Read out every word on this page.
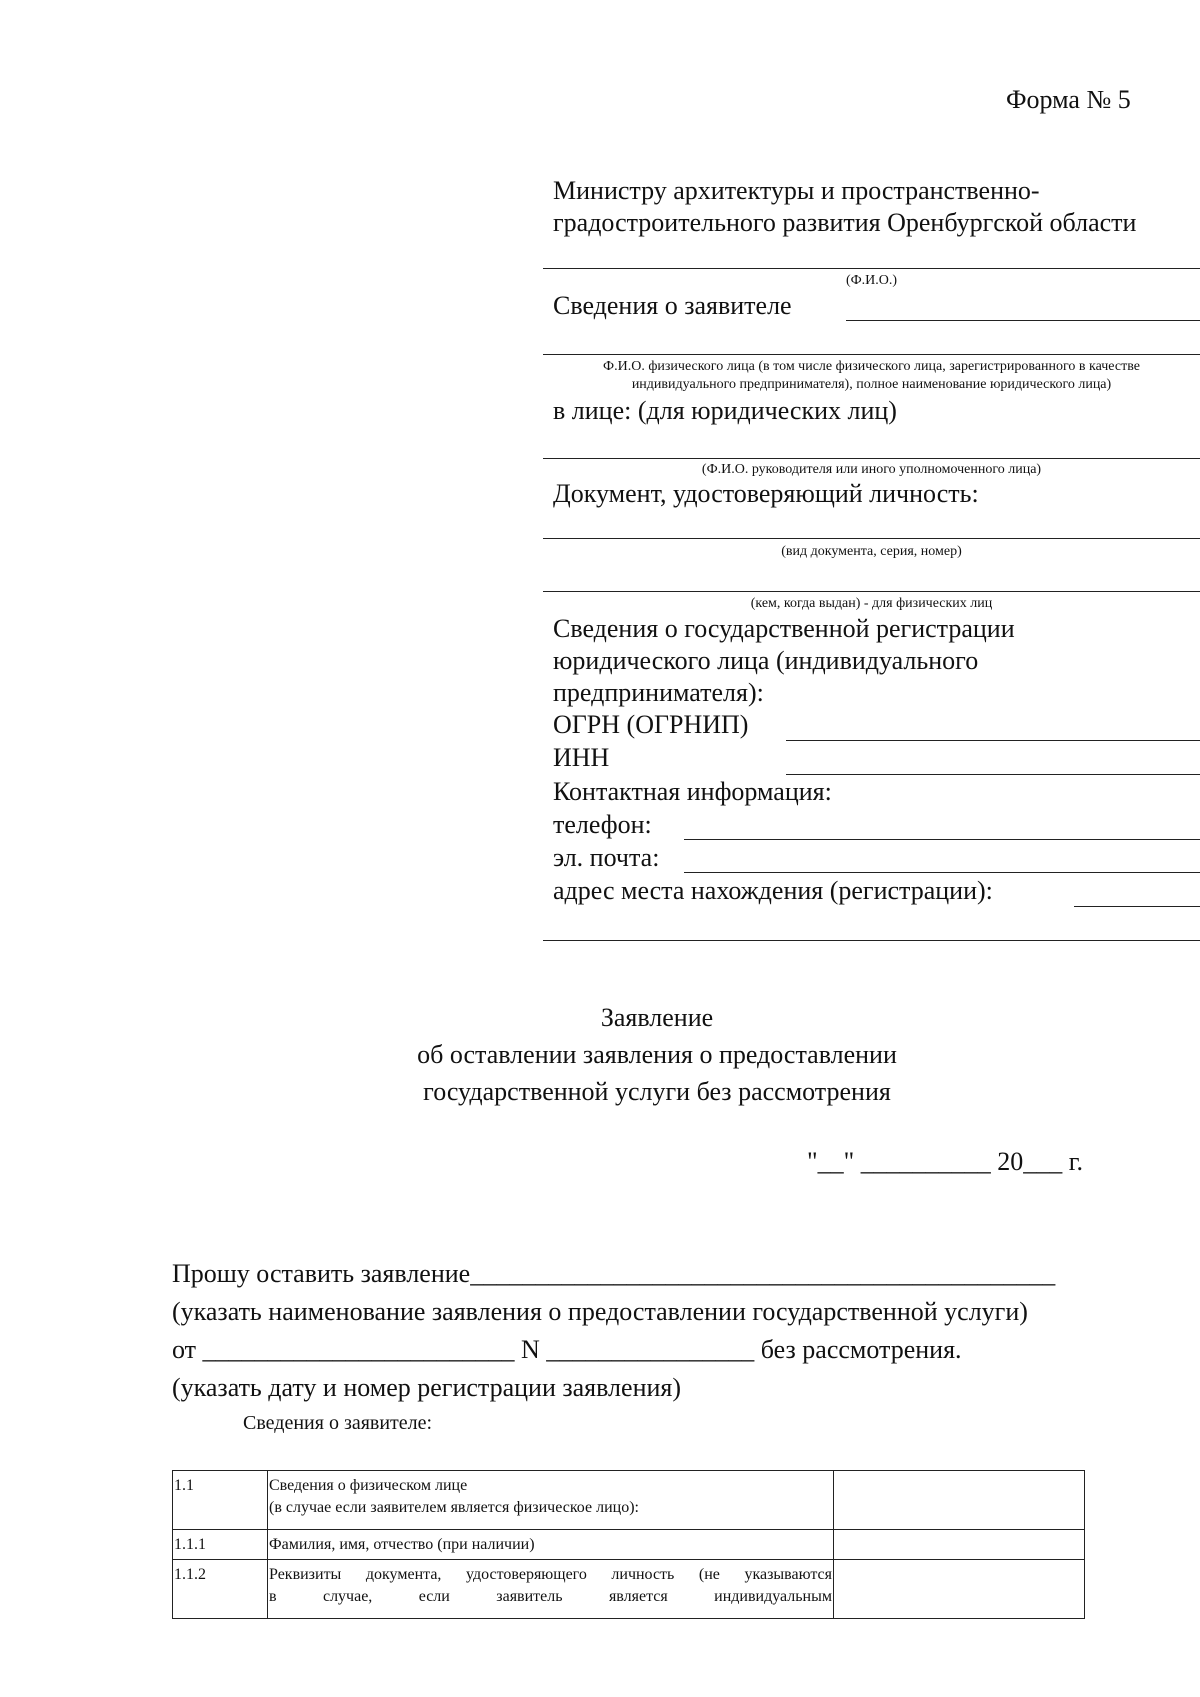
Форма № 5
Министру архитектуры и пространственно-
градостроительного развития Оренбургской области
(Ф.И.О.)
Сведения о заявителе
Ф.И.О. физического лица (в том числе физического лица, зарегистрированного в качестве
индивидуального предпринимателя), полное наименование юридического лица)
в лице: (для юридических лиц)
(Ф.И.О. руководителя или иного уполномоченного лица)
Документ, удостоверяющий личность:
(вид документа, серия, номер)
(кем, когда выдан) - для физических лиц
Сведения о государственной регистрации
юридического лица (индивидуального
предпринимателя):
ОГРН (ОГРНИП)
ИНН
Контактная информация:
телефон:
эл. почта:
адрес места нахождения (регистрации):
Заявление
об оставлении заявления о предоставлении
государственной услуги без рассмотрения
"__" __________ 20___ г.
Прошу оставить заявление_____________________________________________
(указать наименование заявления о предоставлении государственной услуги)
от ________________________ N ________________ без рассмотрения.
(указать дату и номер регистрации заявления)
Сведения о заявителе:
1.1	Сведения о физическом лице
(в случае если заявителем является физическое лицо):	

1.1.1	Фамилия, имя, отчество (при наличии)	

1.1.2	Реквизиты документа, удостоверяющего личность (не указываются
в случае, если заявитель является индивидуальным	
